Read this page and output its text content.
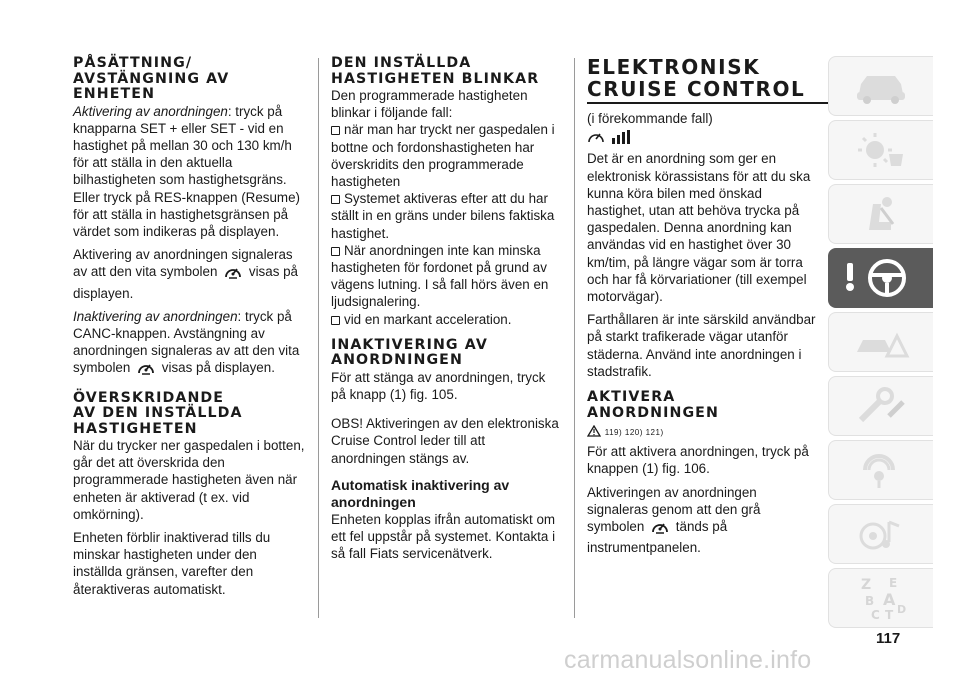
PÅSÄTTNING/
AVSTÄNGNING AV
ENHETEN

Aktivering av anordningen: tryck på knapparna SET + eller SET - vid en hastighet på mellan 30 och 130 km/h för att ställa in den aktuella bilhastigheten som hastighetsgräns. Eller tryck på RES-knappen (Resume) för att ställa in hastighetsgränsen på värdet som indikeras på displayen.

Aktivering av anordningen signaleras av att den vita symbolen visas på displayen.

Inaktivering av anordningen: tryck på CANC-knappen. Avstängning av anordningen signaleras av att den vita symbolen visas på displayen.

ÖVERSKRIDANDE
AV DEN INSTÄLLDA
HASTIGHETEN

När du trycker ner gaspedalen i botten, går det att överskrida den programmerade hastigheten även när enheten är aktiverad (t ex. vid omkörning).

Enheten förblir inaktiverad tills du minskar hastigheten under den inställda gränsen, varefter den återaktiveras automatiskt.

DEN INSTÄLLDA
HASTIGHETEN BLINKAR
Den programmerade hastigheten blinkar i följande fall:
när man har tryckt ner gaspedalen i bottne och fordonshastigheten har överskridits den programmerade hastigheten
Systemet aktiveras efter att du har ställt in en gräns under bilens faktiska hastighet.
När anordningen inte kan minska hastigheten för fordonet på grund av vägens lutning. I så fall hörs även en ljudsignalering.
vid en markant acceleration.
INAKTIVERING AV
ANORDNINGEN

För att stänga av anordningen, tryck på knapp (1) fig. 105.

OBS! Aktiveringen av den elektroniska Cruise Control leder till att anordningen stängs av.

Automatisk inaktivering av
anordningen

Enheten kopplas ifrån automatiskt om ett fel uppstår på systemet. Kontakta i så fall Fiats servicenätverk.

ELEKTRONISK
CRUISE CONTROL
(i förekommande fall)

Det är en anordning som ger en elektronisk körassistans för att du ska kunna köra bilen med önskad hastighet, utan att behöva trycka på gaspedalen. Denna anordning kan användas vid en hastighet över 30 km/tim, på längre vägar som är torra och har få körvariationer (till exempel motorvägar).

Farthållaren är inte särskild användbar på starkt trafikerade vägar utanför städerna. Använd inte anordningen i stadstrafik.

AKTIVERA
ANORDNINGEN
119) 120) 121)

För att aktivera anordningen, tryck på knappen (1) fig. 106.

Aktiveringen av anordningen signaleras genom att den grå symbolen tänds på instrumentpanelen.

Z E
B A
C T D
117
carmanualsonline.info
